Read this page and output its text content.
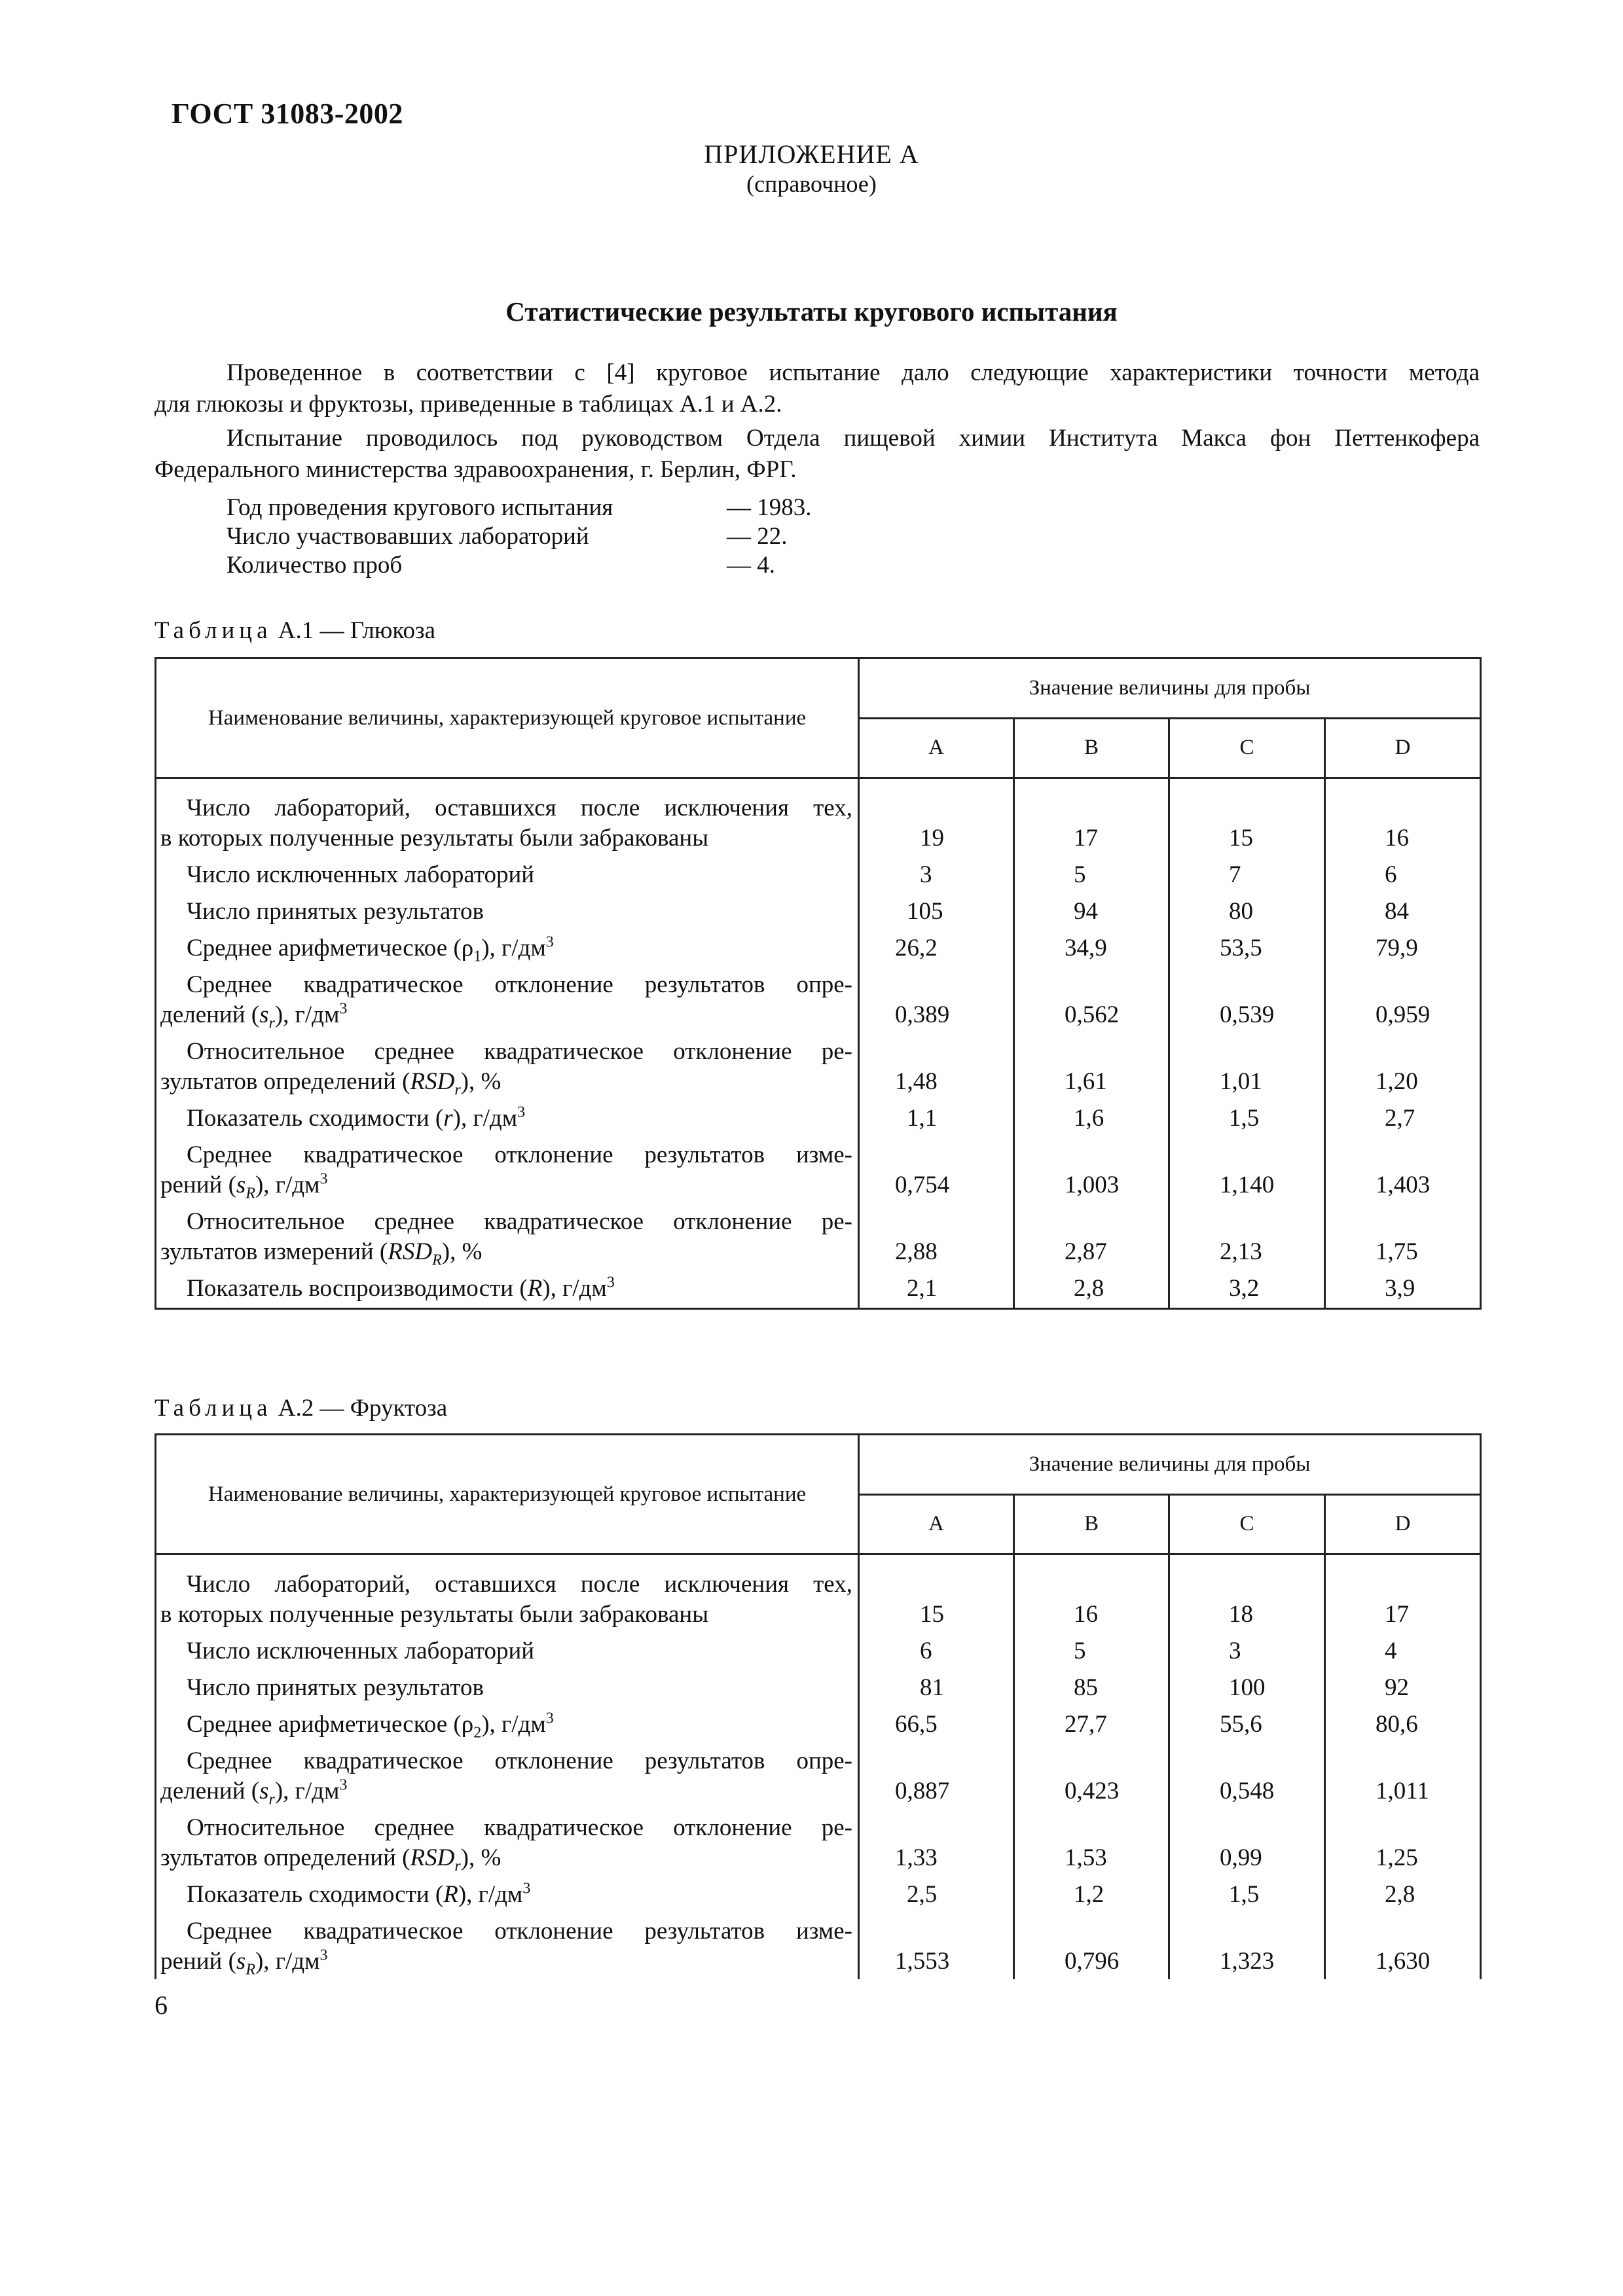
ГОСТ 31083-2002
ПРИЛОЖЕНИЕ А
(справочное)
Статистические результаты кругового испытания
Проведенное в соответствии с [4] круговое испытание дало следующие характеристики точности метода
для глюкозы и фруктозы, приведенные в таблицах А.1 и А.2.
Испытание проводилось под руководством Отдела пищевой химии Института Макса фон Петтенкофера
Федерального министерства здравоохранения, г. Берлин, ФРГ.
Год проведения кругового испытания	— 1983.
Число участвовавших лабораторий	— 22.
Количество проб	— 4.
Таблица А.1 — Глюкоза
Наименование величины, характеризующей круговое испытание	Значение величины для пробы			
	A	B	C	D

Число лабораторий, оставшихся после исключения тех,
в которых полученные результаты были забракованы	19	17	15	16

Число исключенных лабораторий	3	5	7	6

Число принятых результатов	105	94	80	84

Среднее арифметическое $(\rho_1)$, $г/дм^3$	26,2	34,9	53,5	79,9

Среднее квадратическое отклонение результатов опре-
делений $(s_r)$, $г/дм^3$	0,389	0,562	0,539	0,959

Относительное среднее квадратическое отклонение ре-
зультатов определений $(RSD_r)$, %	1,48	1,61	1,01	1,20

Показатель сходимости (r), $г/дм^3$	1,1	1,6	1,5	2,7

Среднее квадратическое отклонение результатов изме-
рений $(s_R)$, $г/дм^3$	0,754	1,003	1,140	1,403

Относительное среднее квадратическое отклонение ре-
зультатов измерений $(RSD_R)$, %	2,88	2,87	2,13	1,75

Показатель воспроизводимости (R), $г/дм^3$	2,1	2,8	3,2	3,9
Таблица А.2 — Фруктоза
Наименование величины, характеризующей круговое испытание	Значение величины для пробы			
	A	B	C	D

Число лабораторий, оставшихся после исключения тех,
в которых полученные результаты были забракованы	15	16	18	17

Число исключенных лабораторий	6	5	3	4

Число принятых результатов	81	85	100	92

Среднее арифметическое $(\rho_2)$, $г/дм^3$	66,5	27,7	55,6	80,6

Среднее квадратическое отклонение результатов опре-
делений $(s_r)$, $г/дм^3$	0,887	0,423	0,548	1,011

Относительное среднее квадратическое отклонение ре-
зультатов определений $(RSD_r)$, %	1,33	1,53	0,99	1,25

Показатель сходимости (R), $г/дм^3$	2,5	1,2	1,5	2,8

Среднее квадратическое отклонение результатов изме-
рений $(s_R)$, $г/дм^3$	1,553	0,796	1,323	1,630
6
